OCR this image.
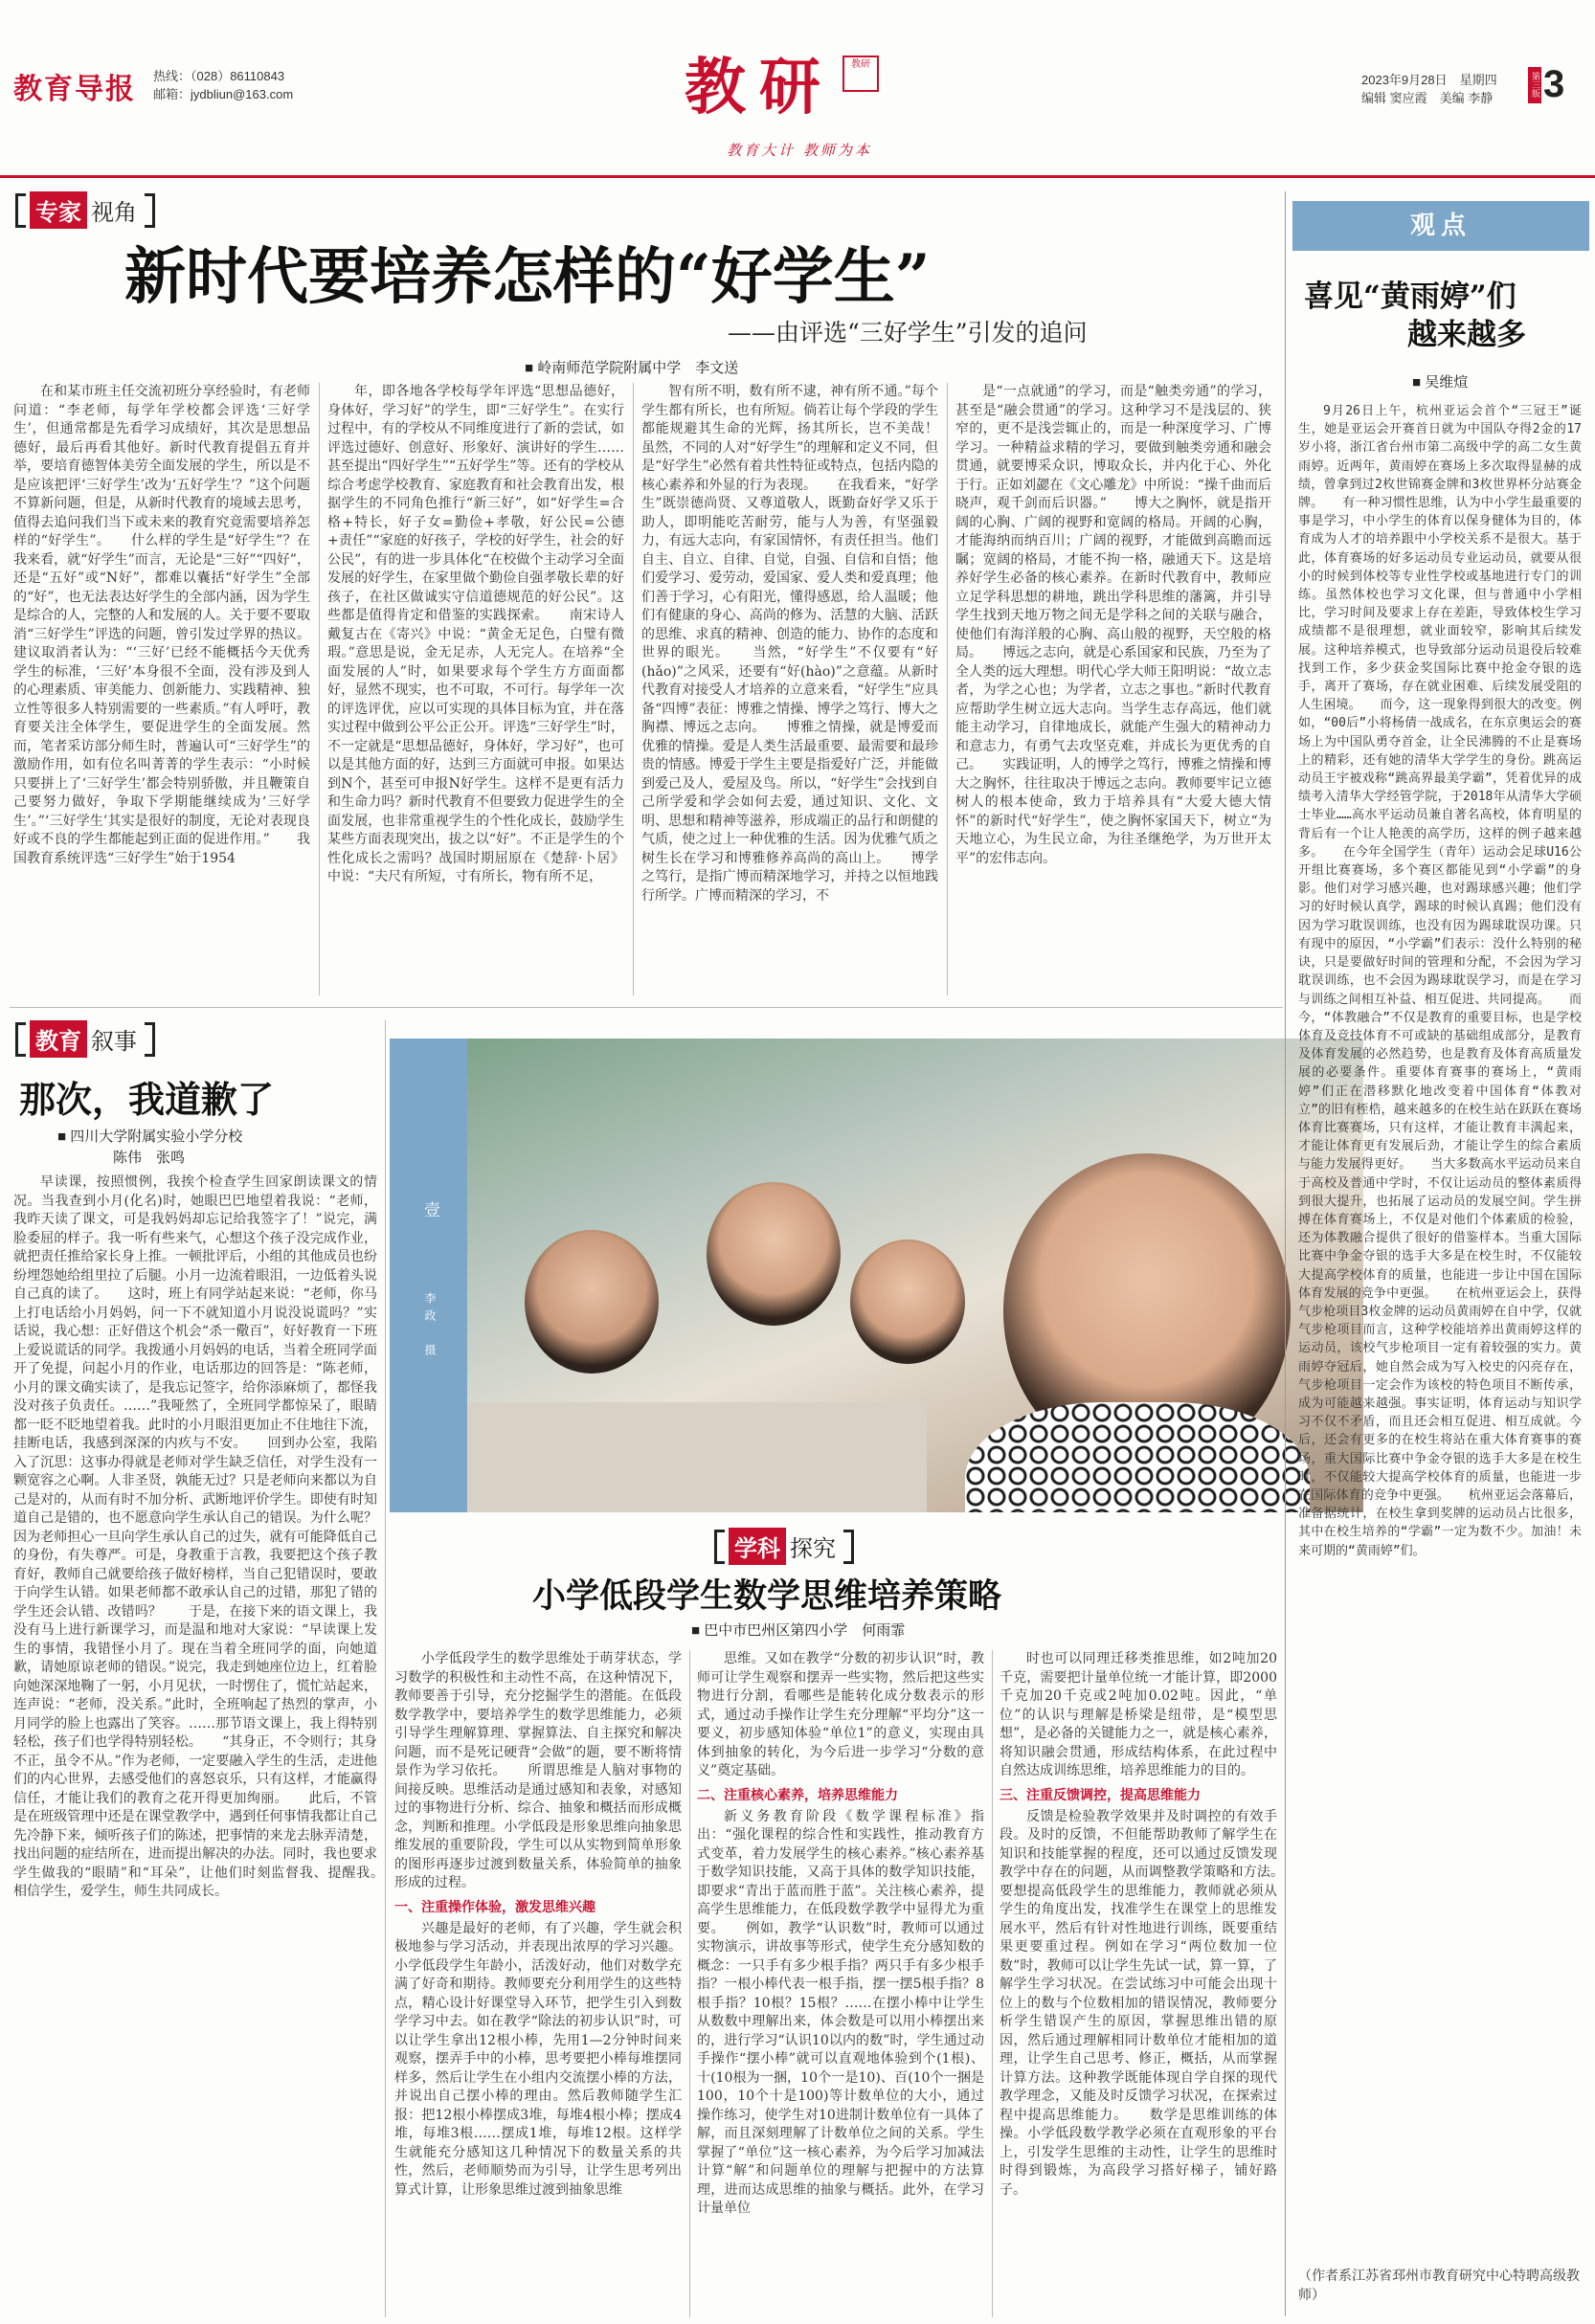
教育导报 热线：（028）86110843
邮箱：jydbliun@163.com	教研	教研
教育大计 教师为本
2023年9月28日　星期四
编辑 窦应霞　美编 李静
第三版 3
专家 视角
新时代要培养怎样的“好学生”
——由评选“三好学生”引发的追问
■ 岭南师范学院附属中学　李文送
在和某市班主任交流初班分享经验时，有老师问道：“李老师，每学年学校都会评选‘三好学生’，但通常都是先看学习成绩好，其次是思想品德好，最后再看其他好。新时代教育提倡五育并举，要培育德智体美劳全面发展的学生，所以是不是应该把评‘三好学生’改为‘五好学生’？”这个问题不算新问题，但是，从新时代教育的境域去思考，值得去追问我们当下或未来的教育究竟需要培养怎样的“好学生”。　　什么样的学生是“好学生”？在我来看，就“好学生”而言，无论是“三好”“四好”，还是“五好”或“N好”，都难以囊括“好学生”全部的“好”，也无法表达好学生的全部内涵，因为学生是综合的人，完整的人和发展的人。关于要不要取消“三好学生”评选的问题，曾引发过学界的热议。建议取消者认为：“‘三好’已经不能概括今天优秀学生的标准，‘三好’本身很不全面，没有涉及到人的心理素质、审美能力、创新能力、实践精神、独立性等很多人特别需要的一些素质。”有人呼吁，教育要关注全体学生，要促进学生的全面发展。然而，笔者采访部分师生时，普遍认可“三好学生”的激励作用，如有位名叫菁菁的学生表示：“小时候只要拼上了‘三好学生’都会特别骄傲，并且鞭策自己要努力做好，争取下学期能继续成为‘三好学生’。”‘三好学生’其实是很好的制度，无论对表现良好或不良的学生都能起到正面的促进作用。”　　我国教育系统评选“三好学生”始于1954
年，即各地各学校每学年评选“思想品德好，身体好，学习好”的学生，即“三好学生”。在实行过程中，有的学校从不同维度进行了新的尝试，如评选过德好、创意好、形象好、演讲好的学生……甚至提出“四好学生”“五好学生”等。还有的学校从综合考虑学校教育、家庭教育和社会教育出发，根据学生的不同角色推行“新三好”，如“好学生=合格+特长，好子女=勤俭+孝敬，好公民=公德+责任”“家庭的好孩子，学校的好学生，社会的好公民”，有的进一步具体化“在校做个主动学习全面发展的好学生，在家里做个勤俭自强孝敬长辈的好孩子，在社区做诚实守信道德规范的好公民”。这些都是值得肯定和借鉴的实践探索。　　南宋诗人戴复古在《寄兴》中说：“黄金无足色，白璧有微瑕。”意思是说，金无足赤，人无完人。在培养“全面发展的人”时，如果要求每个学生方方面面都好，显然不现实，也不可取，不可行。每学年一次的评选评优，应以可实现的具体目标为宜，并在落实过程中做到公平公正公开。评选“三好学生”时，不一定就是“思想品德好，身体好，学习好”，也可以是其他方面的好，达到三方面就可申报。如果达到N个，甚至可申报N好学生。这样不是更有活力和生命力吗？新时代教育不但要致力促进学生的全面发展，也非常重视学生的个性化成长，鼓励学生某些方面表现突出，拔之以“好”。不正是学生的个性化成长之需吗？战国时期屈原在《楚辞·卜居》中说：“夫尺有所短，寸有所长，物有所不足，
智有所不明，数有所不逮，神有所不通。”每个学生都有所长，也有所短。倘若让每个学段的学生都能规避其生命的光辉，扬其所长，岂不美哉！　　虽然，不同的人对“好学生”的理解和定义不同，但是“好学生”必然有着共性特征或特点，包括内隐的核心素养和外显的行为表现。　　在我看来，“好学生”既崇德尚贤、又尊道敬人，既勤奋好学又乐于助人，即明能吃苦耐劳，能与人为善，有坚强毅力，有远大志向，有家国情怀，有责任担当。他们自主、自立、自律、自觉，自强、自信和自悟；他们爱学习、爱劳动，爱国家、爱人类和爱真理；他们善于学习，心有阳光，懂得感恩，给人温暖；他们有健康的身心、高尚的修为、活慧的大脑、活跃的思维、求真的精神、创造的能力、协作的态度和世界的眼光。　　当然，“好学生”不仅要有“好(hǎo)”之风采，还要有“好(hào)”之意蕴。从新时代教育对接受人才培养的立意来看，“好学生”应具备“四博”表征：博雅之情操、博学之笃行、博大之胸襟、博远之志向。　　博雅之情操，就是博爱而优雅的情操。爱是人类生活最重要、最需要和最珍贵的情感。博爱于学生主要是指爱好广泛，并能做到爱己及人，爱屋及鸟。所以，“好学生”会找到自己所学爱和学会如何去爱，通过知识、文化、文明、思想和精神等滋养，形成端正的品行和朗健的气质，使之过上一种优雅的生活。因为优雅气质之树生长在学习和博雅修养高尚的高山上。　　博学之笃行，是指广博而精深地学习，并持之以恒地践行所学。广博而精深的学习，不
是“一点就通”的学习，而是“触类旁通”的学习，甚至是“融会贯通”的学习。这种学习不是浅层的、狭窄的，更不是浅尝辄止的，而是一种深度学习、广博学习。一种精益求精的学习，要做到触类旁通和融会贯通，就要博采众识，博取众长，并内化于心、外化于行。正如刘勰在《文心雕龙》中所说：“操千曲而后晓声，观千剑而后识器。”　　博大之胸怀，就是指开阔的心胸、广阔的视野和宽阔的格局。开阔的心胸，才能海纳而纳百川；广阔的视野，才能做到高瞻而远瞩；宽阔的格局，才能不拘一格，融通天下。这是培养好学生必备的核心素养。在新时代教育中，教师应立足学科思想的耕地，跳出学科思维的藩篱，并引导学生找到天地万物之间无是学科之间的关联与融合，使他们有海洋般的心胸、高山般的视野，天空般的格局。　　博远之志向，就是心系国家和民族，乃至为了全人类的远大理想。明代心学大师王阳明说：“故立志者，为学之心也；为学者，立志之事也。”新时代教育应帮助学生树立远大志向。当学生志存高远，他们就能主动学习，自律地成长，就能产生强大的精神动力和意志力，有勇气去攻坚克难，并成长为更优秀的自己。　　实践证明，人的博学之笃行，博雅之情操和博大之胸怀，往往取决于博远之志向。教师要牢记立德树人的根本使命，致力于培养具有“大爱大德大情怀”的新时代“好学生”，使之胸怀家国天下，树立“为天地立心，为生民立命，为往圣继绝学，为万世开太平”的宏伟志向。
教育 叙事
那次，我道歉了
■ 四川大学附属实验小学分校
陈伟　张鸣
早读课，按照惯例，我挨个检查学生回家朗读课文的情况。当我查到小月(化名)时，她眼巴巴地望着我说：“老师，我昨天读了课文，可是我妈妈却忘记给我签字了！”说完，满脸委屈的样子。我一听有些来气，心想这个孩子没完成作业，就把责任推给家长身上推。一顿批评后，小组的其他成员也纷纷埋怨她给组里拉了后腿。小月一边流着眼泪，一边低着头说自己真的读了。　　这时，班上有同学站起来说：“老师，你马上打电话给小月妈妈，问一下不就知道小月说没说谎吗？”实话说，我心想：正好借这个机会“杀一儆百”，好好教育一下班上爱说谎话的同学。我拨通小月妈妈的电话，当着全班同学面开了免提，问起小月的作业，电话那边的回答是：“陈老师，小月的课文确实读了，是我忘记签字，给你添麻烦了，都怪我没对孩子负责任。……”我哑然了，全班同学都惊呆了，眼睛都一眨不眨地望着我。此时的小月眼泪更加止不住地往下流，挂断电话，我感到深深的内疚与不安。　　回到办公室，我陷入了沉思：这事办得就是老师对学生缺乏信任，对学生没有一颗宽容之心啊。人非圣贤，孰能无过？只是老师向来都以为自己是对的，从而有时不加分析、武断地评价学生。即使有时知道自己是错的，也不愿意向学生承认自己的错误。为什么呢？因为老师担心一旦向学生承认自己的过失，就有可能降低自己的身份，有失尊严。可是，身教重于言教，我要把这个孩子教育好，教师自己就要给孩子做好榜样，当自己犯错误时，要敢于向学生认错。如果老师都不敢承认自己的过错，那犯了错的学生还会认错、改错吗？　　于是，在接下来的语文课上，我没有马上进行新课学习，而是温和地对大家说：“早读课上发生的事情，我错怪小月了。现在当着全班同学的面，向她道歉，请她原谅老师的错误。”说完，我走到她座位边上，红着脸向她深深地鞠了一躬，小月见状，一时愣住了，慌忙站起来，连声说：“老师，没关系。”此时，全班响起了热烈的掌声，小月同学的脸上也露出了笑容。……那节语文课上，我上得特别轻松，孩子们也学得特别轻松。　　“其身正，不令则行；其身不正，虽令不从。”作为老师，一定要融入学生的生活，走进他们的内心世界，去感受他们的喜怒哀乐，只有这样，才能赢得信任，才能让我们的教育之花开得更加绚丽。　　此后，不管是在班级管理中还是在课堂教学中，遇到任何事情我都让自己先冷静下来，倾听孩子们的陈述，把事情的来龙去脉弄清楚，找出问题的症结所在，进而提出解决的办法。同时，我也要求学生做我的“眼睛”和“耳朵”，让他们时刻监督我、提醒我。　　相信学生，爱学生，师生共同成长。
壹
李政　摄
学科 探究
小学低段学生数学思维培养策略
■ 巴中市巴州区第四小学　何雨霏
小学低段学生的数学思维处于萌芽状态，学习数学的积极性和主动性不高，在这种情况下，教师要善于引导，充分挖掘学生的潜能。在低段数学教学中，要培养学生的数学思维能力，必须引导学生理解算理、掌握算法、自主探究和解决问题，而不是死记硬背“会做”的题，要不断将情景作为学习依托。　　所谓思维是人脑对事物的间接反映。思维活动是通过感知和表象，对感知过的事物进行分析、综合、抽象和概括而形成概念，判断和推理。小学低段是形象思维向抽象思维发展的重要阶段，学生可以从实物到简单形象的图形再逐步过渡到数量关系，体验简单的抽象形成的过程。
一、注重操作体验，激发思维兴趣
兴趣是最好的老师，有了兴趣，学生就会积极地参与学习活动，并表现出浓厚的学习兴趣。小学低段学生年龄小，活泼好动，他们对数学充满了好奇和期待。教师要充分利用学生的这些特点，精心设计好课堂导入环节，把学生引入到数学学习中去。如在教学“除法的初步认识”时，可以让学生拿出12根小棒，先用1—2分钟时间来观察，摆弄手中的小棒，思考要把小棒每堆摆同样多，然后让学生在小组内交流摆小棒的方法，并说出自己摆小棒的理由。然后教师随学生汇报：把12根小棒摆成3堆，每堆4根小棒；摆成4堆，每堆3根……摆成1堆，每堆12根。这样学生就能充分感知这几种情况下的数量关系的共性，然后，老师顺势而为引导，让学生思考列出算式计算，让形象思维过渡到抽象思维
思维。又如在教学“分数的初步认识”时，教师可让学生观察和摆弄一些实物，然后把这些实物进行分割，看哪些是能转化成分数表示的形式，通过动手操作让学生充分理解“平均分”这一要义，初步感知体验“单位1”的意义，实现由具体到抽象的转化，为今后进一步学习“分数的意义”奠定基础。
二、注重核心素养，培养思维能力
新义务教育阶段《数学课程标准》指出：“强化课程的综合性和实践性，推动教育方式变革，着力发展学生的核心素养。”核心素养基于数学知识技能，又高于具体的数学知识技能，即要求“青出于蓝而胜于蓝”。关注核心素养，提高学生思维能力，在低段数学教学中显得尤为重要。　　例如，教学“认识数”时，教师可以通过实物演示，讲故事等形式，使学生充分感知数的概念：一只手有多少根手指？两只手有多少根手指？一根小棒代表一根手指，摆一摆5根手指？8根手指？10根？15根？……在摆小棒中让学生从数数中理解出来，体会数是可以用小棒摆出来的，进行学习“认识10以内的数”时，学生通过动手操作“摆小棒”就可以直观地体验到个(1根)、十(10根为一捆，10个一是10)、百(10个一捆是100，10个十是100)等计数单位的大小，通过操作练习，使学生对10进制计数单位有一具体了解，而且深刻理解了计数单位之间的关系。学生掌握了“单位”这一核心素养，为今后学习加减法计算“解”和问题单位的理解与把握中的方法算理，进而达成思维的抽象与概括。此外，在学习计量单位
时也可以同理迁移类推思维，如2吨加20千克，需要把计量单位统一才能计算，即2000千克加20千克或2吨加0.02吨。因此，“单位”的认识与理解是桥梁是纽带，是“模型思想”，是必备的关键能力之一，就是核心素养，将知识融会贯通，形成结构体系，在此过程中自然达成训练思维，培养思维能力的目的。
三、注重反馈调控，提高思维能力
反馈是检验教学效果并及时调控的有效手段。及时的反馈，不但能帮助教师了解学生在知识和技能掌握的程度，还可以通过反馈发现教学中存在的问题，从而调整教学策略和方法。　　要想提高低段学生的思维能力，教师就必须从学生的角度出发，找准学生在课堂上的思维发展水平，然后有针对性地进行训练，既要重结果更要重过程。例如在学习“两位数加一位数”时，教师可以让学生先试一试，算一算，了解学生学习状况。在尝试练习中可能会出现十位上的数与个位数相加的错误情况，教师要分析学生错误产生的原因，掌握思维出错的原因，然后通过理解相同计数单位才能相加的道理，让学生自己思考、修正，概括，从而掌握计算方法。这种教学既能体现自学自探的现代教学理念，又能及时反馈学习状况，在探索过程中提高思维能力。　　数学是思维训练的体操。小学低段数学教学必须在直观形象的平台上，引发学生思维的主动性，让学生的思维时时得到锻炼，为高段学习搭好梯子，铺好路子。
观点
喜见“黄雨婷”们
越来越多
■ 吴维煊
9月26日上午，杭州亚运会首个“三冠王”诞生，她是亚运会开赛首日就为中国队夺得2金的17岁小将，浙江省台州市第二高级中学的高二女生黄雨婷。近两年，黄雨婷在赛场上多次取得显赫的成绩，曾拿到过2枚世锦赛金牌和3枚世界杯分站赛金牌。　　有一种习惯性思维，认为中小学生最重要的事是学习，中小学生的体育以保身健体为目的，体育成为人才的培养跟中小学校关系不是很大。基于此，体育赛场的好多运动员专业运动员，就要从很小的时候到体校等专业性学校或基地进行专门的训练。虽然体校也学习文化课，但与普通中小学相比，学习时间及要求上存在差距，导致体校生学习成绩都不是很理想，就业面较窄，影响其后续发展。这种培养模式，也导致部分运动员退役后较难找到工作，多少获金奖国际比赛中抢金夺银的选手，离开了赛场，存在就业困难、后续发展受阻的人生困境。　　而今，这一现象得到很大的改变。例如，“00后”小将杨倩一战成名，在东京奥运会的赛场上为中国队勇夺首金，让全民沸腾的不止是赛场上的精彩，还有她的清华大学学生的身份。跳高运动员王宇被戏称“跳高界最美学霸”，凭着优异的成绩考入清华大学经管学院，于2018年从清华大学硕士毕业……高水平运动员兼自著名高校，体育明星的背后有一个让人艳羡的高学历，这样的例子越来越多。　　在今年全国学生（青年）运动会足球U16公开组比赛赛场，多个赛区都能见到“小学霸”的身影。他们对学习感兴趣，也对踢球感兴趣；他们学习的好时候认真学，踢球的时候认真踢；他们没有因为学习耽误训练，也没有因为踢球耽误功课。只有现中的原因，“小学霸”们表示：没什么特别的秘诀，只是要做好时间的管理和分配，不会因为学习耽误训练，也不会因为踢球耽误学习，而是在学习与训练之间相互补益、相互促进、共同提高。　　而今，“体教融合”不仅是教育的重要目标，也是学校体育及竞技体育不可或缺的基础组成部分，是教育及体育发展的必然趋势，也是教育及体育高质量发展的必要条件。重要体育赛事的赛场上，“黄雨婷”们正在潜移默化地改变着中国体育“体教对立”的旧有桎梏，越来越多的在校生站在跃跃在赛场体育比赛赛场，只有这样，才能让教育丰满起来，才能让体育更有发展后劲，才能让学生的综合素质与能力发展得更好。　　当大多数高水平运动员来自于高校及普通中学时，不仅让运动员的整体素质得到很大提升，也拓展了运动员的发展空间。学生拼搏在体育赛场上，不仅是对他们个体素质的检验，还为体教融合提供了很好的借鉴样本。当重大国际比赛中争金夺银的选手大多是在校生时，不仅能较大提高学校体育的质量，也能进一步让中国在国际体育发展的竞争中更强。　　在杭州亚运会上，获得气步枪项目3枚金牌的运动员黄雨婷在自中学，仅就气步枪项目而言，这种学校能培养出黄雨婷这样的运动员，该校气步枪项目一定有着较强的实力。黄雨婷夺冠后，她自然会成为写入校史的闪亮存在，气步枪项目一定会作为该校的特色项目不断传承，成为可能越来越强。事实证明，体育运动与知识学习不仅不矛盾，而且还会相互促进、相互成就。今后，还会有更多的在校生将站在重大体育赛事的赛场，重大国际比赛中争金夺银的选手大多是在校生时，不仅能较大提高学校体育的质量，也能进一步在国际体育的竞争中更强。　　杭州亚运会落幕后，准备据统计，在校生拿到奖牌的运动员占比很多，其中在校生培养的“学霸”一定为数不少。加油！未来可期的“黄雨婷”们。
（作者系江苏省邳州市教育研究中心特聘高级教师）
